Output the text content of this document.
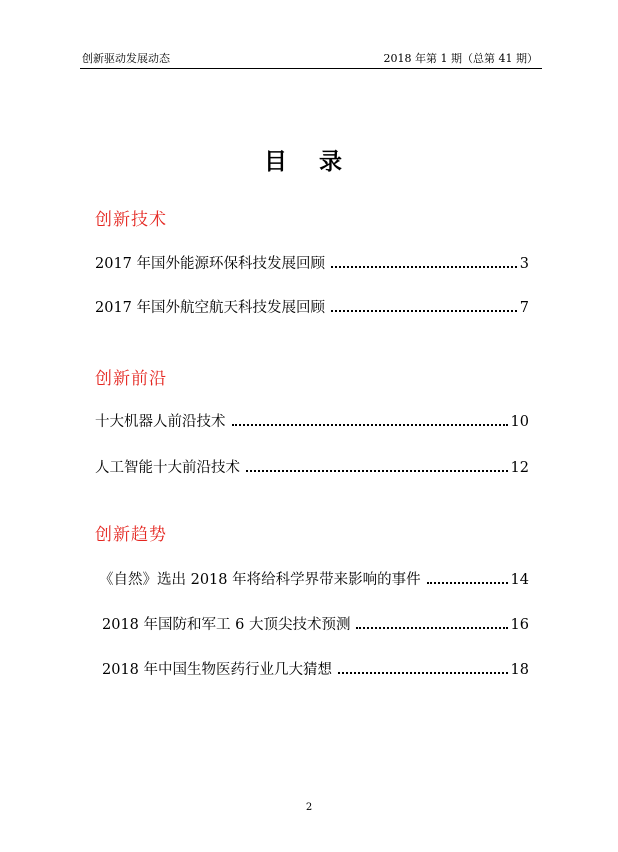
创新驱动发展动态	2018 年第 1 期（总第 41 期）
目 录
创新技术
2017 年国外能源环保科技发展回顾	3
2017 年国外航空航天科技发展回顾	7
创新前沿
十大机器人前沿技术	10
人工智能十大前沿技术	12
创新趋势
《自然》选出 2018 年将给科学界带来影响的事件	14
2018 年国防和军工 6 大顶尖技术预测	16
2018 年中国生物医药行业几大猜想	18
2
